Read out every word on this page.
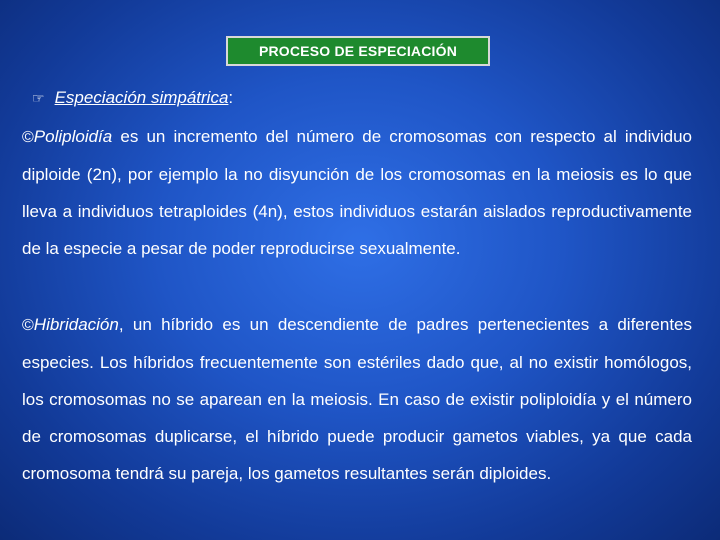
PROCESO DE ESPECIACIÓN
☞ Especiación simpátrica :

©Poliploidía es un incremento del número de cromosomas con respecto al individuo diploide (2n), por ejemplo la no disyunción de los cromosomas en la meiosis es lo que lleva a individuos tetraploides (4n), estos individuos estarán aislados reproductivamente de la especie a pesar de poder reproducirse sexualmente.

©Hibridación, un híbrido es un descendiente de padres pertenecientes a diferentes especies. Los híbridos frecuentemente son estériles dado que, al no existir homólogos, los cromosomas no se aparean en la meiosis. En caso de existir poliploidía y el número de cromosomas duplicarse, el híbrido puede producir gametos viables, ya que cada cromosoma tendrá su pareja, los gametos resultantes serán diploides.
